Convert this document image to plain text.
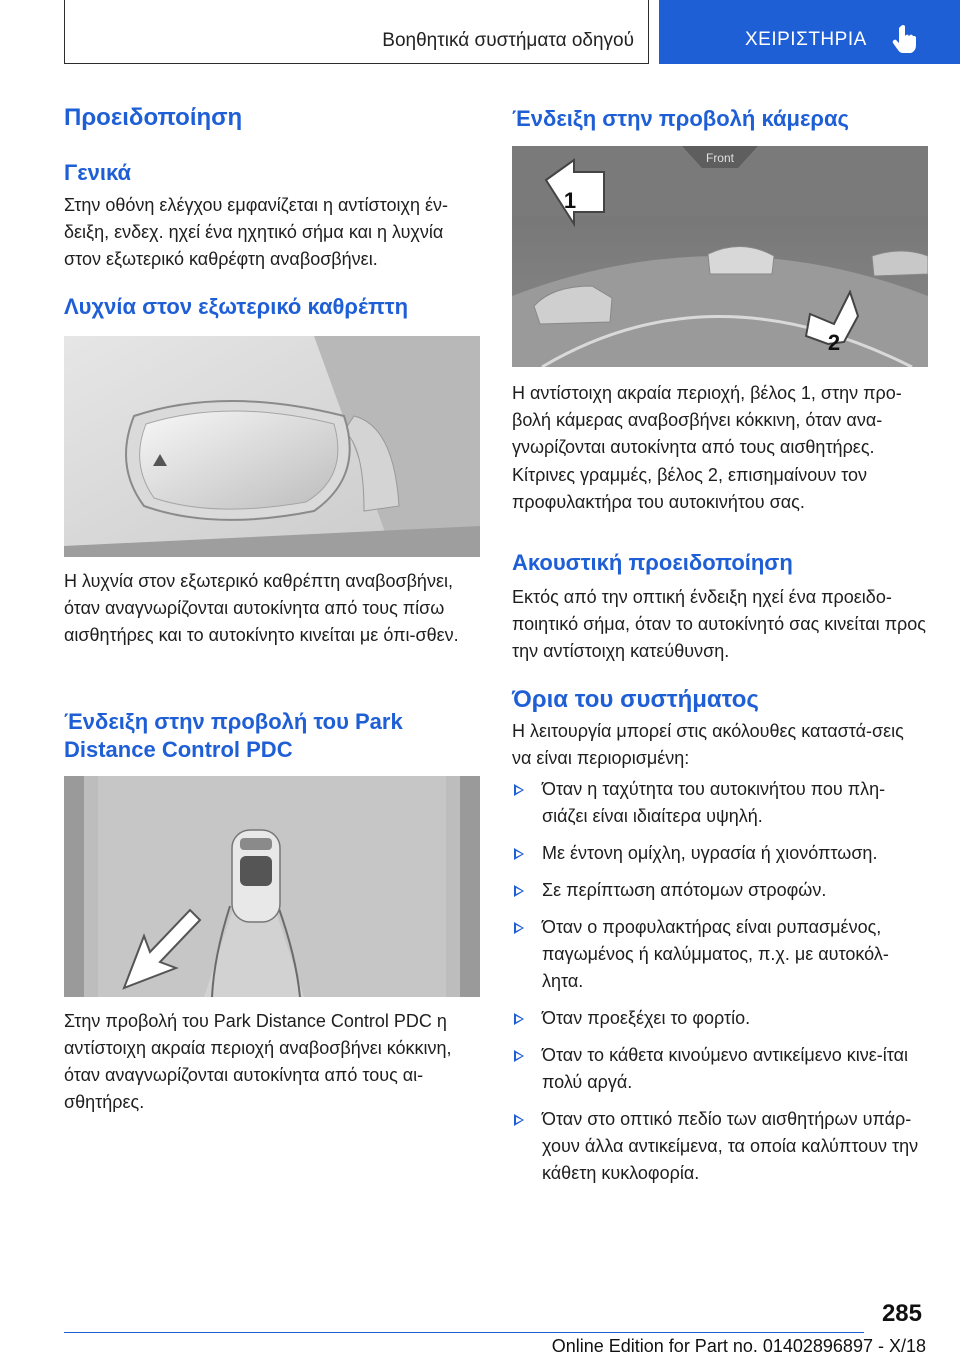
Βοηθητικά συστήματα οδηγού	ΧΕΙΡΙΣΤΗΡΙΑ
Προειδοποίηση
Γενικά

Στην οθόνη ελέγχου εμφανίζεται η αντίστοιχη έν-δειξη, ενδεχ. ηχεί ένα ηχητικό σήμα και η λυχνία στον εξωτερικό καθρέφτη αναβοσβήνει.

Λυχνία στον εξωτερικό καθρέπτη

Η λυχνία στον εξωτερικό καθρέπτη αναβοσβήνει, όταν αναγνωρίζονται αυτοκίνητα από τους πίσω αισθητήρες και το αυτοκίνητο κινείται με όπι-σθεν.

Ένδειξη στην προβολή του Park Distance Control PDC

Στην προβολή του Park Distance Control PDC η αντίστοιχη ακραία περιοχή αναβοσβήνει κόκκινη, όταν αναγνωρίζονται αυτοκίνητα από τους αι-σθητήρες.

Ένδειξη στην προβολή κάμερας
Front
1
2

Η αντίστοιχη ακραία περιοχή, βέλος 1, στην προ-βολή κάμερας αναβοσβήνει κόκκινη, όταν ανα-γνωρίζονται αυτοκίνητα από τους αισθητήρες.

Κίτρινες γραμμές, βέλος 2, επισημαίνουν τον προφυλακτήρα του αυτοκινήτου σας.

Ακουστική προειδοποίηση

Εκτός από την οπτική ένδειξη ηχεί ένα προειδο-ποιητικό σήμα, όταν το αυτοκίνητό σας κινείται προς την αντίστοιχη κατεύθυνση.

Όρια του συστήματος

Η λειτουργία μπορεί στις ακόλουθες καταστά-σεις να είναι περιορισμένη:

Όταν η ταχύτητα του αυτοκινήτου που πλη-σιάζει είναι ιδιαίτερα υψηλή.
Με έντονη ομίχλη, υγρασία ή χιονόπτωση.
Σε περίπτωση απότομων στροφών.
Όταν ο προφυλακτήρας είναι ρυπασμένος, παγωμένος ή καλύμματος, π.χ. με αυτοκόλ-λητα.
Όταν προεξέχει το φορτίο.
Όταν το κάθετα κινούμενο αντικείμενο κινε-ίται πολύ αργά.
Όταν στο οπτικό πεδίο των αισθητήρων υπάρ-χουν άλλα αντικείμενα, τα οποία καλύπτουν την κάθετη κυκλοφορία.
285
Online Edition for Part no. 01402896897 - X/18
